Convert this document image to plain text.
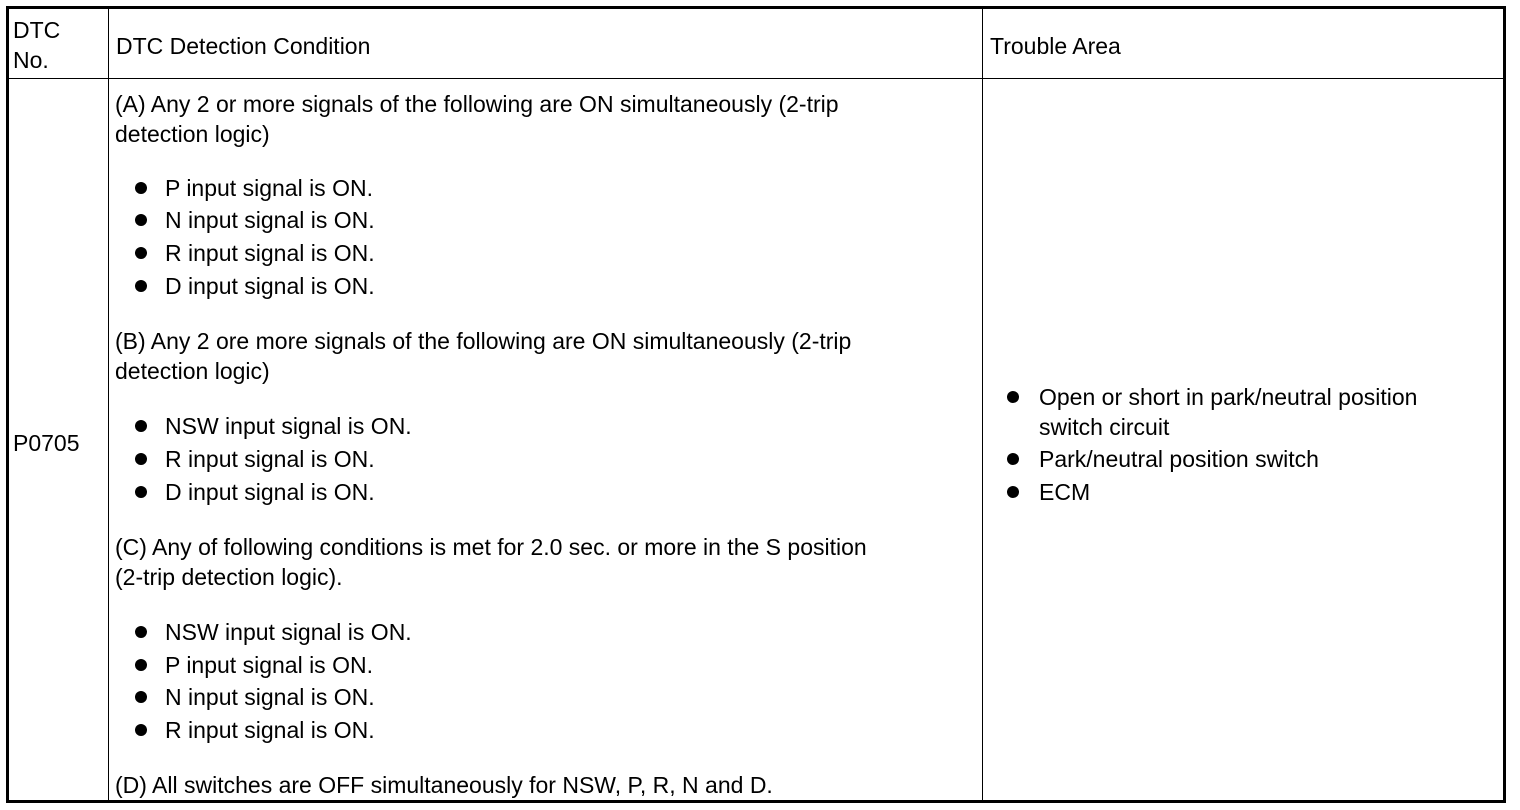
DTC
No.
DTC Detection Condition	Trouble Area
P0705
(A) Any 2 or more signals of the following are ON simultaneously (2-trip
detection logic)
P input signal is ON.
N input signal is ON.
R input signal is ON.
D input signal is ON.
(B) Any 2 ore more signals of the following are ON simultaneously (2-trip
detection logic)
NSW input signal is ON.
R input signal is ON.
D input signal is ON.
(C) Any of following conditions is met for 2.0 sec. or more in the S position
(2-trip detection logic).
NSW input signal is ON.
P input signal is ON.
N input signal is ON.
R input signal is ON.
(D) All switches are OFF simultaneously for NSW, P, R, N and D.
Open or short in park/neutral position
switch circuit
Park/neutral position switch
ECM
